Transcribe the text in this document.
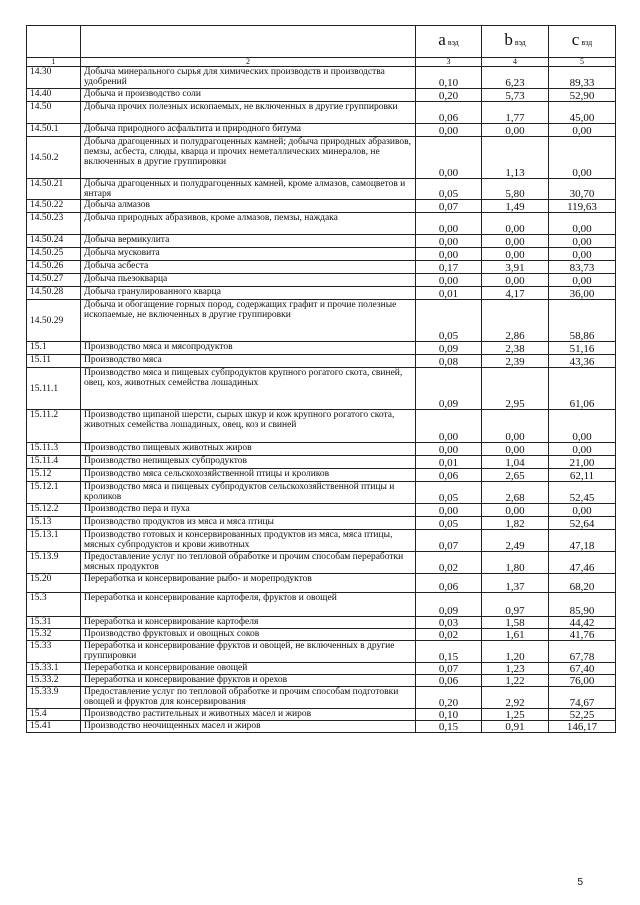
		a вэд	b вэд	c вэд
1	2	3	4	5
14.30	Добыча минерального сырья для химических производств и производства удобрений	0,10	6,23	89,33
14.40	Добыча и производство соли	0,20	5,73	52,90
14.50	Добыча прочих полезных ископаемых, не включенных в другие группировки	0,06	1,77	45,00
14.50.1	Добыча природного асфальтита и природного битума	0,00	0,00	0,00
14.50.2	Добыча драгоценных и полудрагоценных камней; добыча природных абразивов, пемзы, асбеста, слюды, кварца и прочих неметаллических минералов, не включенных в другие группировки	0,00	1,13	0,00
14.50.21	Добыча драгоценных и полудрагоценных камней, кроме алмазов, самоцветов и янтаря	0,05	5,80	30,70
14.50.22	Добыча алмазов	0,07	1,49	119,63
14.50.23	Добыча природных абразивов, кроме алмазов, пемзы, наждака	0,00	0,00	0,00
14.50.24	Добыча вермикулита	0,00	0,00	0,00
14.50.25	Добыча мусковита	0,00	0,00	0,00
14.50.26	Добыча асбеста	0,17	3,91	83,73
14.50.27	Добыча пьезокварца	0,00	0,00	0,00
14.50.28	Добыча гранулированного кварца	0,01	4,17	36,00
14.50.29	Добыча и обогащение горных пород, содержащих графит и прочие полезные ископаемые, не включенных в другие группировки	0,05	2,86	58,86
15.1	Производство мяса и мясопродуктов	0,09	2,38	51,16
15.11	Производство мяса	0,08	2,39	43,36
15.11.1	Производство мяса и пищевых субпродуктов крупного рогатого скота, свиней, овец, коз, животных семейства лошадиных	0,09	2,95	61,06
15.11.2	Производство щипаной шерсти, сырых шкур и кож крупного рогатого скота, животных семейства лошадиных, овец, коз и свиней	0,00	0,00	0,00
15.11.3	Производство пищевых животных жиров	0,00	0,00	0,00
15.11.4	Производство непищевых субпродуктов	0,01	1,04	21,00
15.12	Производство мяса сельскохозяйственной птицы и кроликов	0,06	2,65	62,11
15.12.1	Производство мяса и пищевых субпродуктов сельскохозяйственной птицы и кроликов	0,05	2,68	52,45
15.12.2	Производство пера и пуха	0,00	0,00	0,00
15.13	Производство продуктов из мяса и мяса птицы	0,05	1,82	52,64
15.13.1	Производство готовых и консервированных продуктов из мяса, мяса птицы, мясных субпродуктов и крови животных	0,07	2,49	47,18
15.13.9	Предоставление услуг по тепловой обработке и прочим способам переработки мясных продуктов	0,02	1,80	47,46
15.20	Переработка и консервирование рыбо- и морепродуктов	0,06	1,37	68,20
15.3	Переработка и консервирование картофеля, фруктов и овощей	0,09	0,97	85,90
15.31	Переработка и консервирование картофеля	0,03	1,58	44,42
15.32	Производство фруктовых и овощных соков	0,02	1,61	41,76
15.33	Переработка и консервирование фруктов и овощей, не включенных в другие группировки	0,15	1,20	67,78
15.33.1	Переработка и консервирование овощей	0,07	1,23	67,40
15.33.2	Переработка и консервирование фруктов и орехов	0,06	1,22	76,00
15.33.9	Предоставление услуг по тепловой обработке и прочим способам подготовки овощей и фруктов для консервирования	0,20	2,92	74,67
15.4	Производство растительных и животных масел и жиров	0,10	1,25	52,25
15.41	Производство неочищенных масел и жиров	0,15	0,91	146,17
5
